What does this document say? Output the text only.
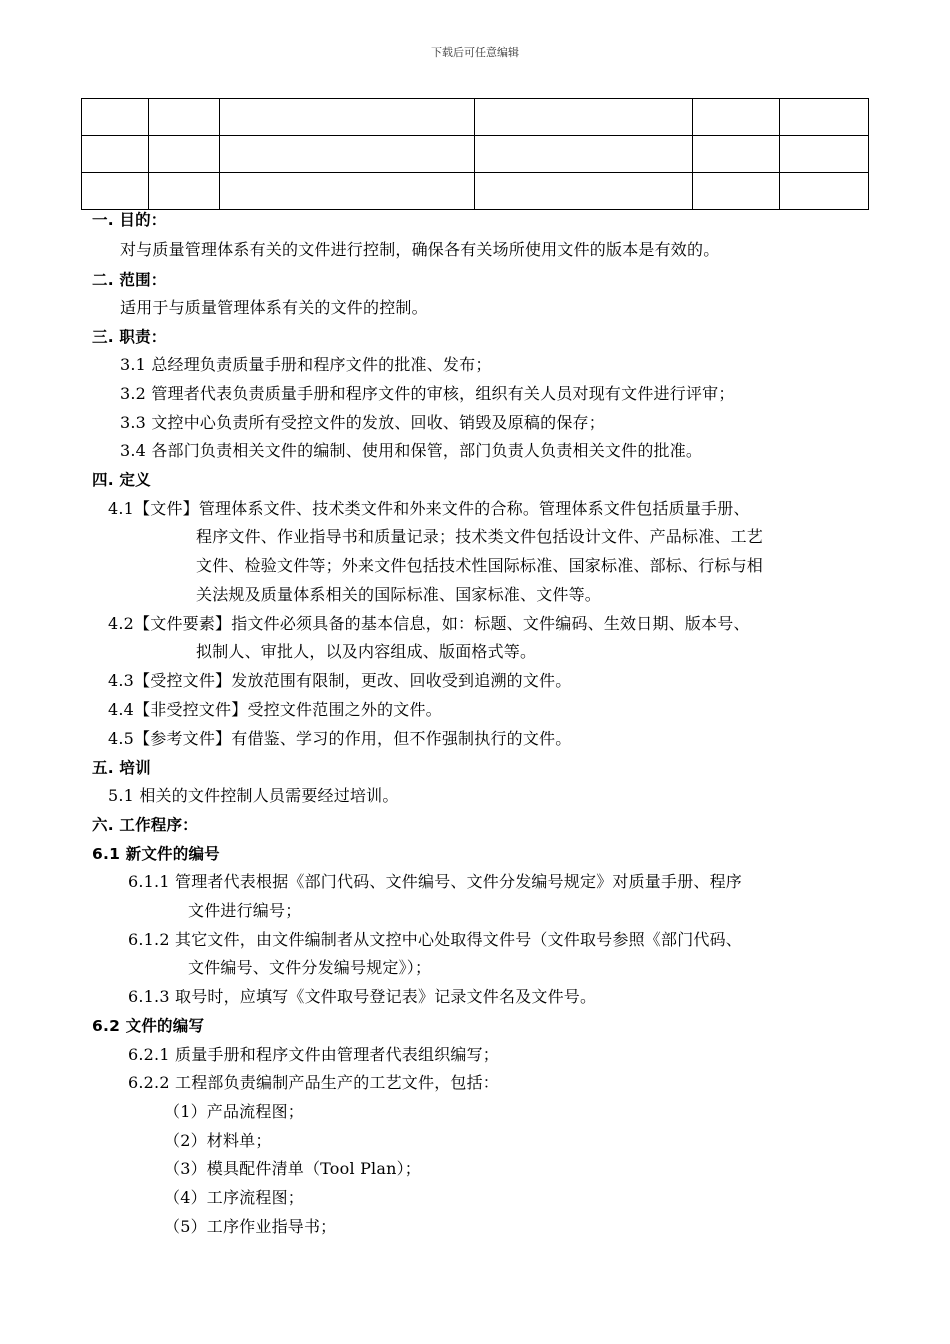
下载后可任意编辑

一. 目的：
对与质量管理体系有关的文件进行控制，确保各有关场所使用文件的版本是有效的。
二. 范围：
适用于与质量管理体系有关的文件的控制。
三. 职责：
3.1 总经理负责质量手册和程序文件的批准、发布；
3.2 管理者代表负责质量手册和程序文件的审核，组织有关人员对现有文件进行评审；
3.3 文控中心负责所有受控文件的发放、回收、销毁及原稿的保存；
3.4 各部门负责相关文件的编制、使用和保管，部门负责人负责相关文件的批准。
四. 定义
4.1【文件】管理体系文件、技术类文件和外来文件的合称。管理体系文件包括质量手册、
程序文件、作业指导书和质量记录；技术类文件包括设计文件、产品标准、工艺
文件、检验文件等；外来文件包括技术性国际标准、国家标准、部标、行标与相
关法规及质量体系相关的国际标准、国家标准、文件等。
4.2【文件要素】指文件必须具备的基本信息，如：标题、文件编码、生效日期、版本号、
拟制人、审批人，以及内容组成、版面格式等。
4.3【受控文件】发放范围有限制，更改、回收受到追溯的文件。
4.4【非受控文件】受控文件范围之外的文件。
4.5【参考文件】有借鉴、学习的作用，但不作强制执行的文件。
五. 培训
5.1 相关的文件控制人员需要经过培训。
六. 工作程序：
6.1 新文件的编号
6.1.1 管理者代表根据《部门代码、文件编号、文件分发编号规定》对质量手册、程序
文件进行编号；
6.1.2 其它文件，由文件编制者从文控中心处取得文件号（文件取号参照《部门代码、
文件编号、文件分发编号规定》）；
6.1.3 取号时，应填写《文件取号登记表》记录文件名及文件号。
6.2 文件的编写
6.2.1 质量手册和程序文件由管理者代表组织编写；
6.2.2 工程部负责编制产品生产的工艺文件，包括：
（1）产品流程图；
（2）材料单；
（3）模具配件清单（Tool Plan）；
（4）工序流程图；
（5）工序作业指导书；
